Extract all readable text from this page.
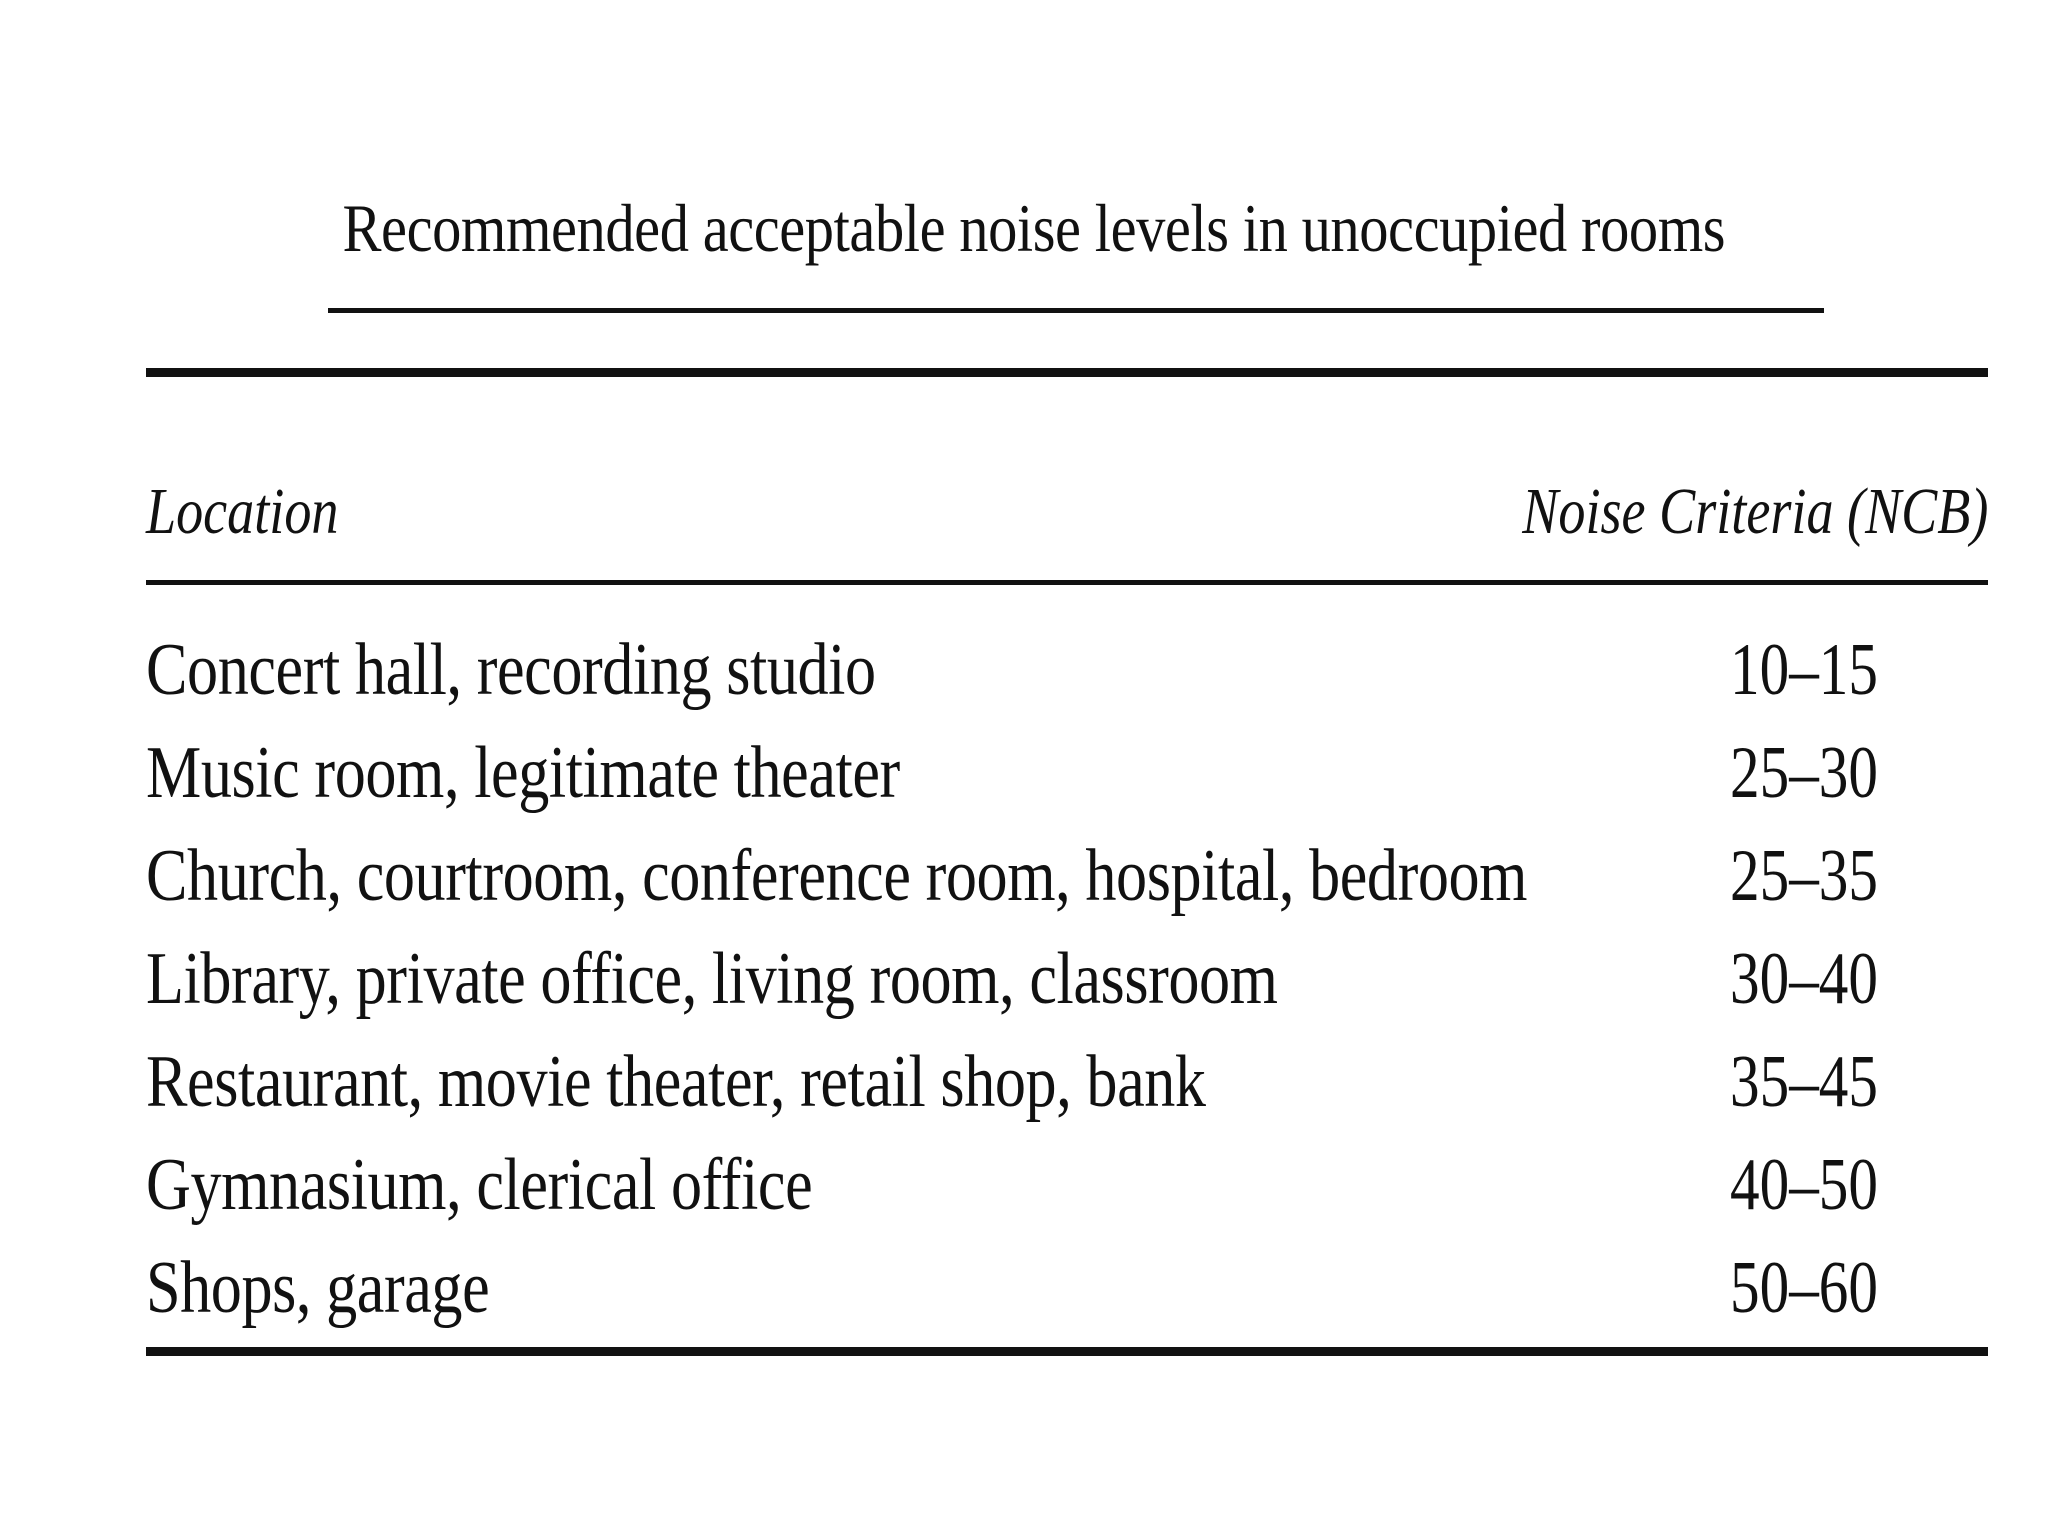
Recommended acceptable noise levels in unoccupied rooms
Location	Noise Criteria (NCB)
Concert hall, recording studio	10–15
Music room, legitimate theater	25–30
Church, courtroom, conference room, hospital, bedroom	25–35
Library, private office, living room, classroom	30–40
Restaurant, movie theater, retail shop, bank	35–45
Gymnasium, clerical office	40–50
Shops, garage	50–60
